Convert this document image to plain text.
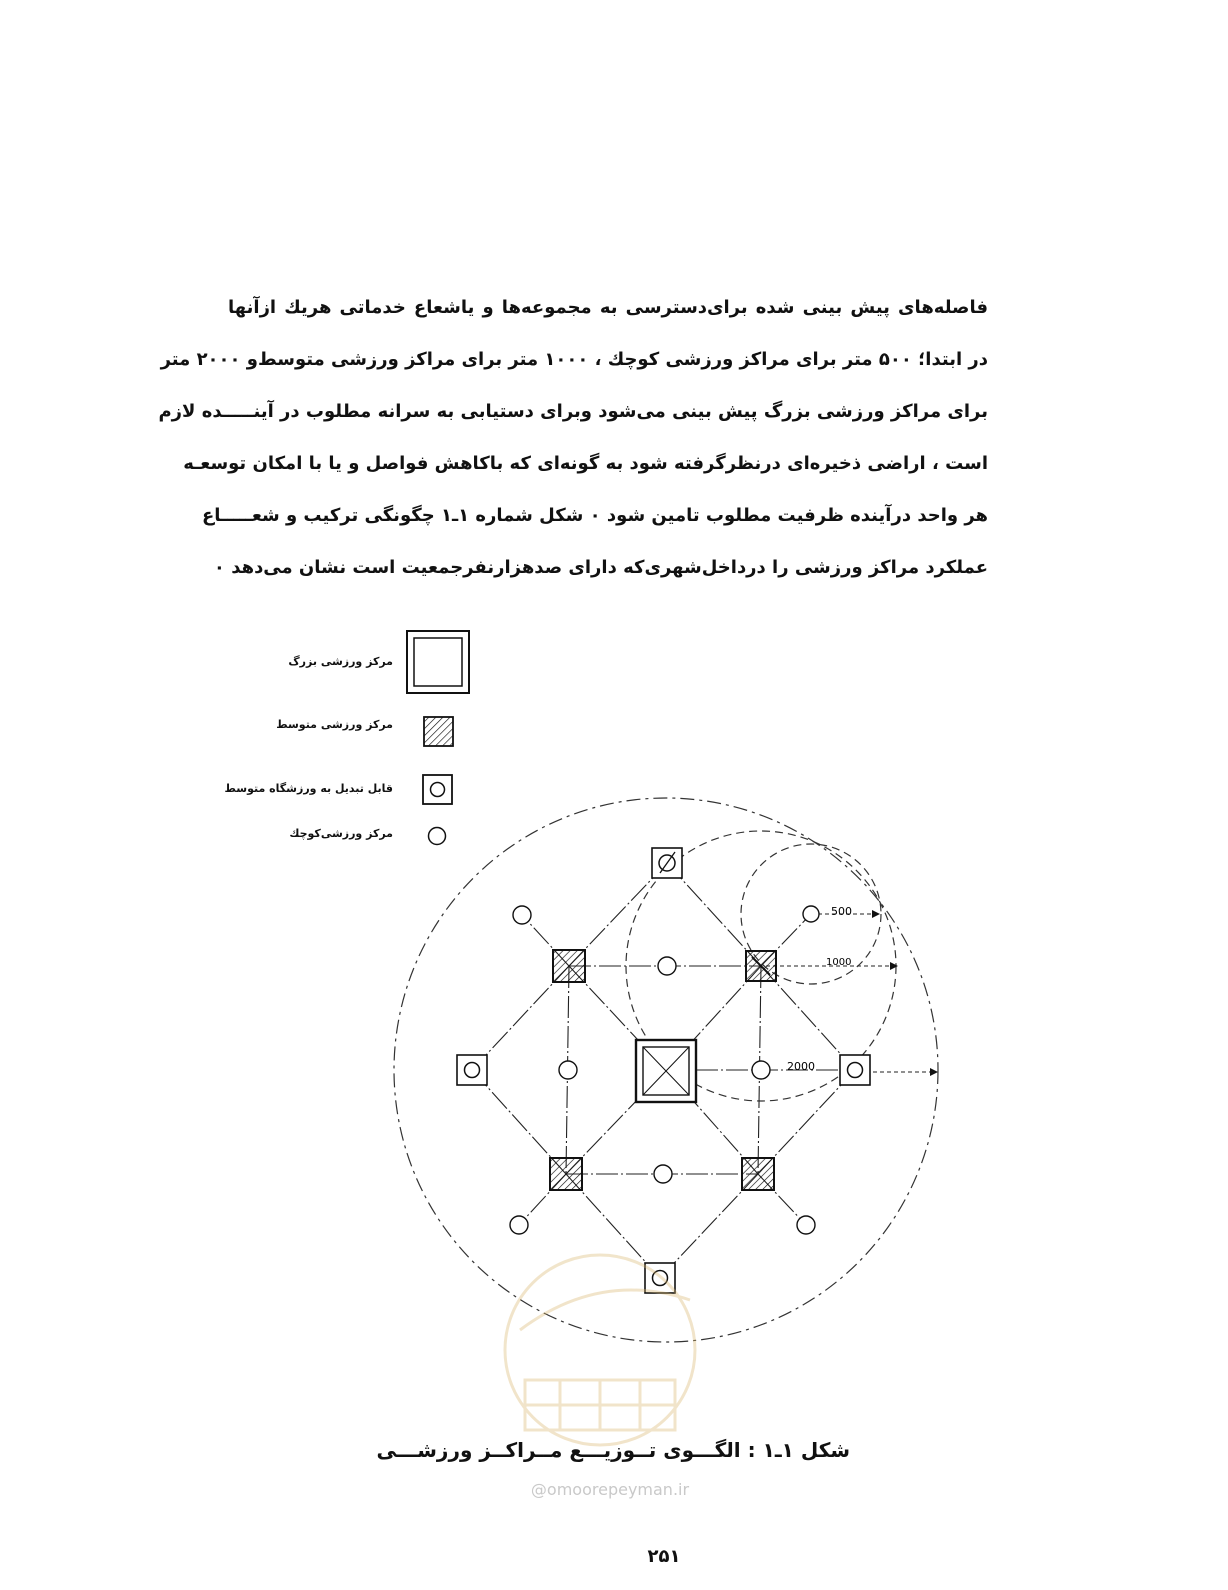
فاصله‌های پیش بینی شده برای‌دسترسی به مجموعه‌ها و یاشعاع خدماتی هریك ازآنها
در ابتدا؛ ۵۰۰ متر برای مراکز ورزشی کوچك ، ۱۰۰۰ متر برای مراکز ورزشی متوسط‌و ۲۰۰۰ متر
برای مراکز ورزشی بزرگ‌ پیش بینی می‌شود وبرای دستیابی به سرانه مطلوب در آینـــــده لازم
است ، اراضی ذخیره‌ای درنظرگرفته شود به گونه‌ای که باکاهش فواصل و یا با امکان توسعـه
هر واحد درآینده ظرفیت مطلوب تامین شود ۰ شکل شماره ۱ـ۱ چگونگی ترکیب و شعـــــاع
عملکرد مراکز ورزشی را درداخل‌شهری‌که دارای صدهزارنفرجمعیت است نشان می‌دهد ۰
500
1000
2000
مرکز ورزشی بزرگ
مرکز ورزشی متوسط
قابل تبدیل به ورزشگاه متوسط
مرکز ورزشی‌کوچك
شکل ۱ـ۱ : الگـــوی تــوزیـــع مــراکــز ورزشـــی
@omoorepeyman.ir
۲۵۱
